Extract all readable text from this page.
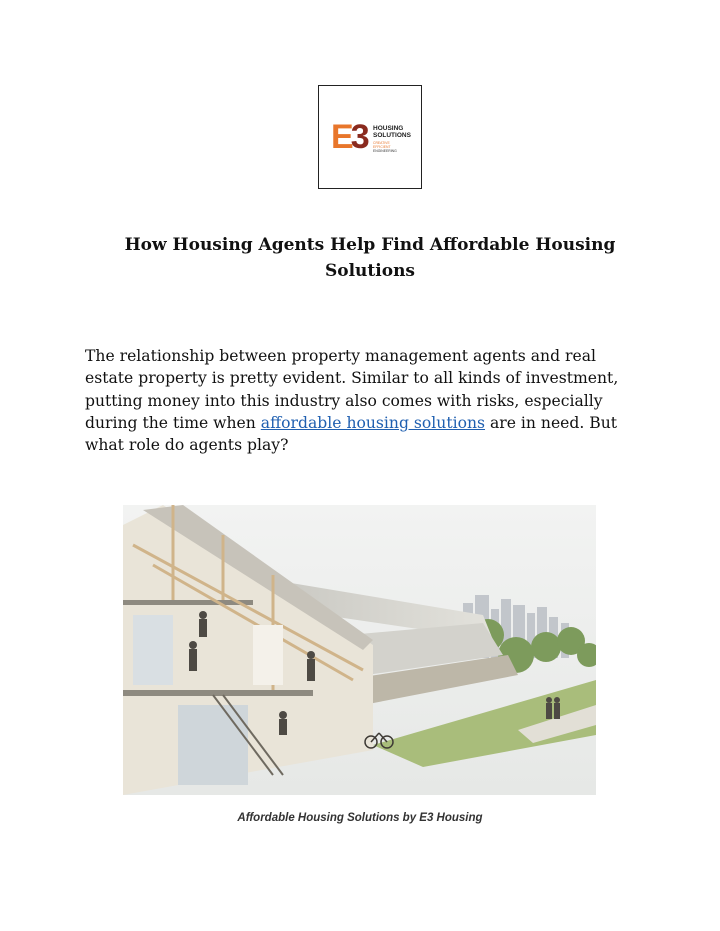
E3 HOUSING
SOLUTIONS
CREATIVE
EFFICIENT
ENGINEERING
How Housing Agents Help Find Affordable Housing Solutions

The relationship between property management agents and real estate property is pretty evident. Similar to all kinds of investment, putting money into this industry also comes with risks, especially during the time when affordable housing solutions are in need. But what role do agents play?

Affordable Housing Solutions by E3 Housing
